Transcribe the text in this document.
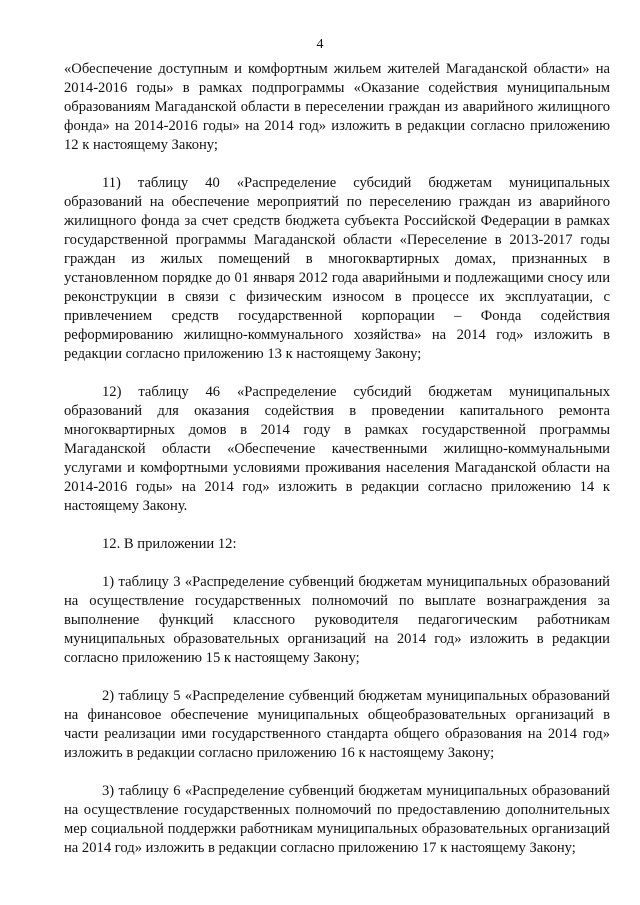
4

«Обеспечение доступным и комфортным жильем жителей Магаданской области» на 2014-2016 годы» в рамках подпрограммы «Оказание содействия муниципальным образованиям Магаданской области в переселении граждан из аварийного жилищного фонда» на 2014-2016 годы» на 2014 год» изложить в редакции согласно приложению 12 к настоящему Закону;

11) таблицу 40 «Распределение субсидий бюджетам муниципальных образований на обеспечение мероприятий по переселению граждан из аварийного жилищного фонда за счет средств бюджета субъекта Российской Федерации в рамках государственной программы Магаданской области «Переселение в 2013-2017 годы граждан из жилых помещений в многоквартирных домах, признанных в установленном порядке до 01 января 2012 года аварийными и подлежащими сносу или реконструкции в связи с физическим износом в процессе их эксплуатации, с привлечением средств государственной корпорации – Фонда содействия реформированию жилищно-коммунального хозяйства» на 2014 год» изложить в редакции согласно приложению 13 к настоящему Закону;

12) таблицу 46 «Распределение субсидий бюджетам муниципальных образований для оказания содействия в проведении капитального ремонта многоквартирных домов в 2014 году в рамках государственной программы Магаданской области «Обеспечение качественными жилищно-коммунальными услугами и комфортными условиями проживания населения Магаданской области на 2014-2016 годы» на 2014 год» изложить в редакции согласно приложению 14 к настоящему Закону.

12. В приложении 12:

1) таблицу 3 «Распределение субвенций бюджетам муниципальных образований на осуществление государственных полномочий по выплате вознаграждения за выполнение функций классного руководителя педагогическим работникам муниципальных образовательных организаций на 2014 год» изложить в редакции согласно приложению 15 к настоящему Закону;

2) таблицу 5 «Распределение субвенций бюджетам муниципальных образований на финансовое обеспечение муниципальных общеобразовательных организаций в части реализации ими государственного стандарта общего образования на 2014 год» изложить в редакции согласно приложению 16 к настоящему Закону;

3) таблицу 6 «Распределение субвенций бюджетам муниципальных образований на осуществление государственных полномочий по предоставлению дополнительных мер социальной поддержки работникам муниципальных образовательных организаций на 2014 год» изложить в редакции согласно приложению 17 к настоящему Закону;
